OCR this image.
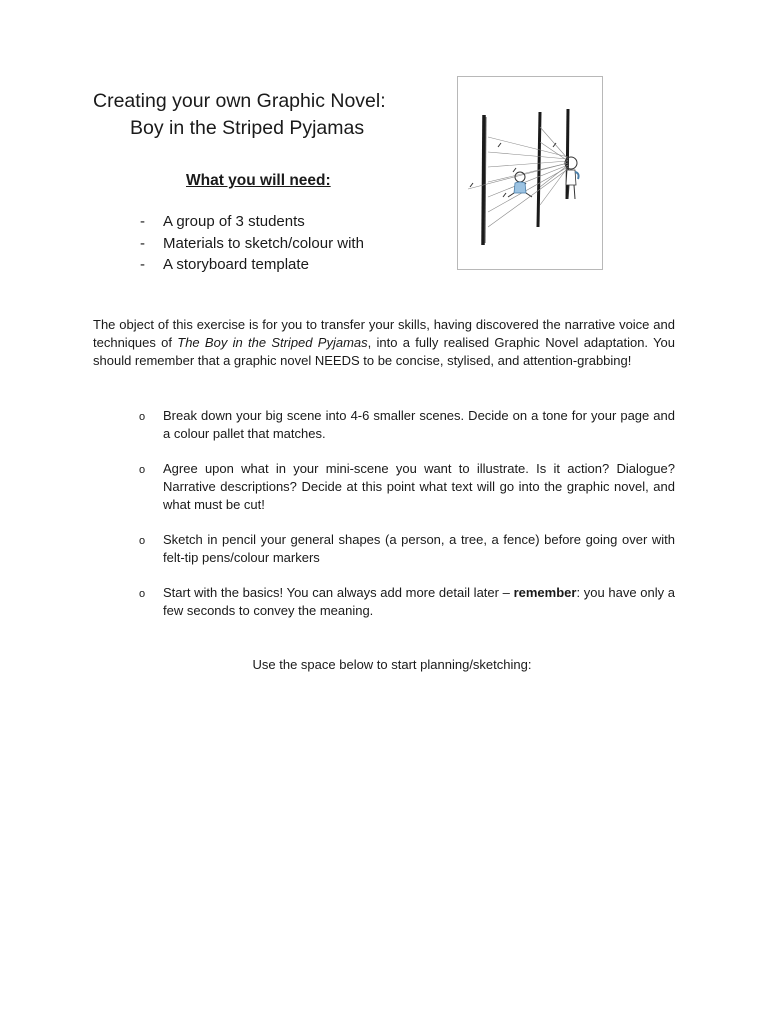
Creating your own Graphic Novel:
Boy in the Striped Pyjamas
What you will need:
-	A group of 3 students
-	Materials to sketch/colour with
-	A storyboard template

The object of this exercise is for you to transfer your skills, having discovered the narrative voice and techniques of The Boy in the Striped Pyjamas, into a fully realised Graphic Novel adaptation. You should remember that a graphic novel NEEDS to be concise, stylised, and attention-grabbing!

o	Break down your big scene into 4-6 smaller scenes. Decide on a tone for your page and a colour pallet that matches.
o	Agree upon what in your mini-scene you want to illustrate. Is it action? Dialogue? Narrative descriptions? Decide at this point what text will go into the graphic novel, and what must be cut!
o	Sketch in pencil your general shapes (a person, a tree, a fence) before going over with felt-tip pens/colour markers
o	Start with the basics! You can always add more detail later – remember: you have only a few seconds to convey the meaning.
Use the space below to start planning/sketching:
